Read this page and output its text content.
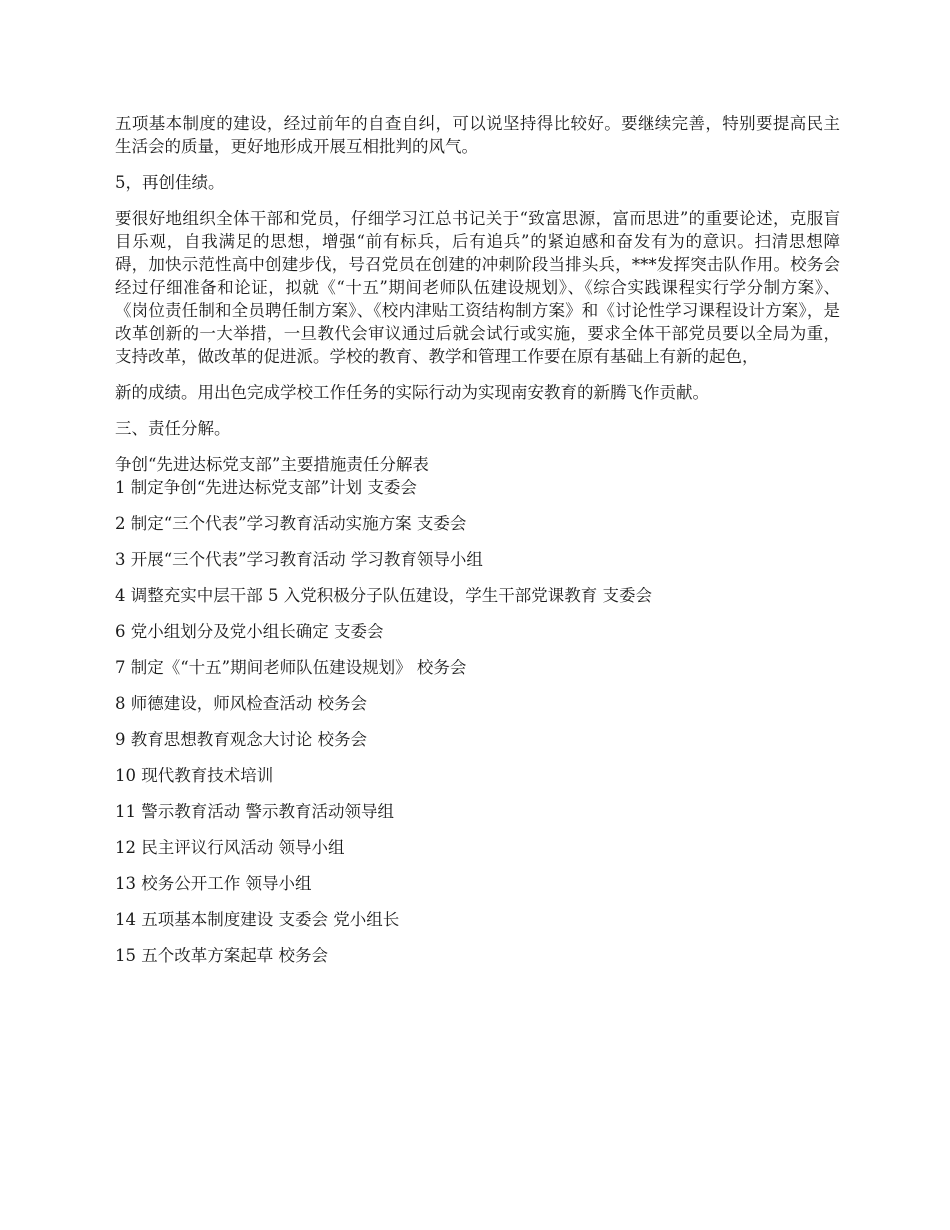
五项基本制度的建设，经过前年的自查自纠，可以说坚持得比较好。要继续完善，特别要提高民主生活会的质量，更好地形成开展互相批判的风气。

5，再创佳绩。

要很好地组织全体干部和党员，仔细学习江总书记关于“致富思源，富而思进”的重要论述，克服盲目乐观，自我满足的思想，增强“前有标兵，后有追兵”的紧迫感和奋发有为的意识。扫清思想障碍，加快示范性高中创建步伐，号召党员在创建的冲刺阶段当排头兵，***发挥突击队作用。校务会经过仔细准备和论证，拟就《“十五”期间老师队伍建设规划》、《综合实践课程实行学分制方案》、《岗位责任制和全员聘任制方案》、《校内津贴工资结构制方案》和《讨论性学习课程设计方案》，是改革创新的一大举措，一旦教代会审议通过后就会试行或实施，要求全体干部党员要以全局为重，支持改革，做改革的促进派。学校的教育、教学和管理工作要在原有基础上有新的起色，

新的成绩。用出色完成学校工作任务的实际行动为实现南安教育的新腾飞作贡献。

三、责任分解。

争创“先进达标党支部”主要措施责任分解表

1 制定争创“先进达标党支部”计划 支委会
2 制定“三个代表”学习教育活动实施方案 支委会
3 开展“三个代表”学习教育活动 学习教育领导小组
4 调整充实中层干部 5 入党积极分子队伍建设，学生干部党课教育 支委会
6 党小组划分及党小组长确定 支委会
7 制定《“十五”期间老师队伍建设规划》 校务会
8 师德建设，师风检查活动 校务会
9 教育思想教育观念大讨论 校务会
10 现代教育技术培训
11 警示教育活动 警示教育活动领导组
12 民主评议行风活动 领导小组
13 校务公开工作 领导小组
14 五项基本制度建设 支委会 党小组长
15 五个改革方案起草 校务会
